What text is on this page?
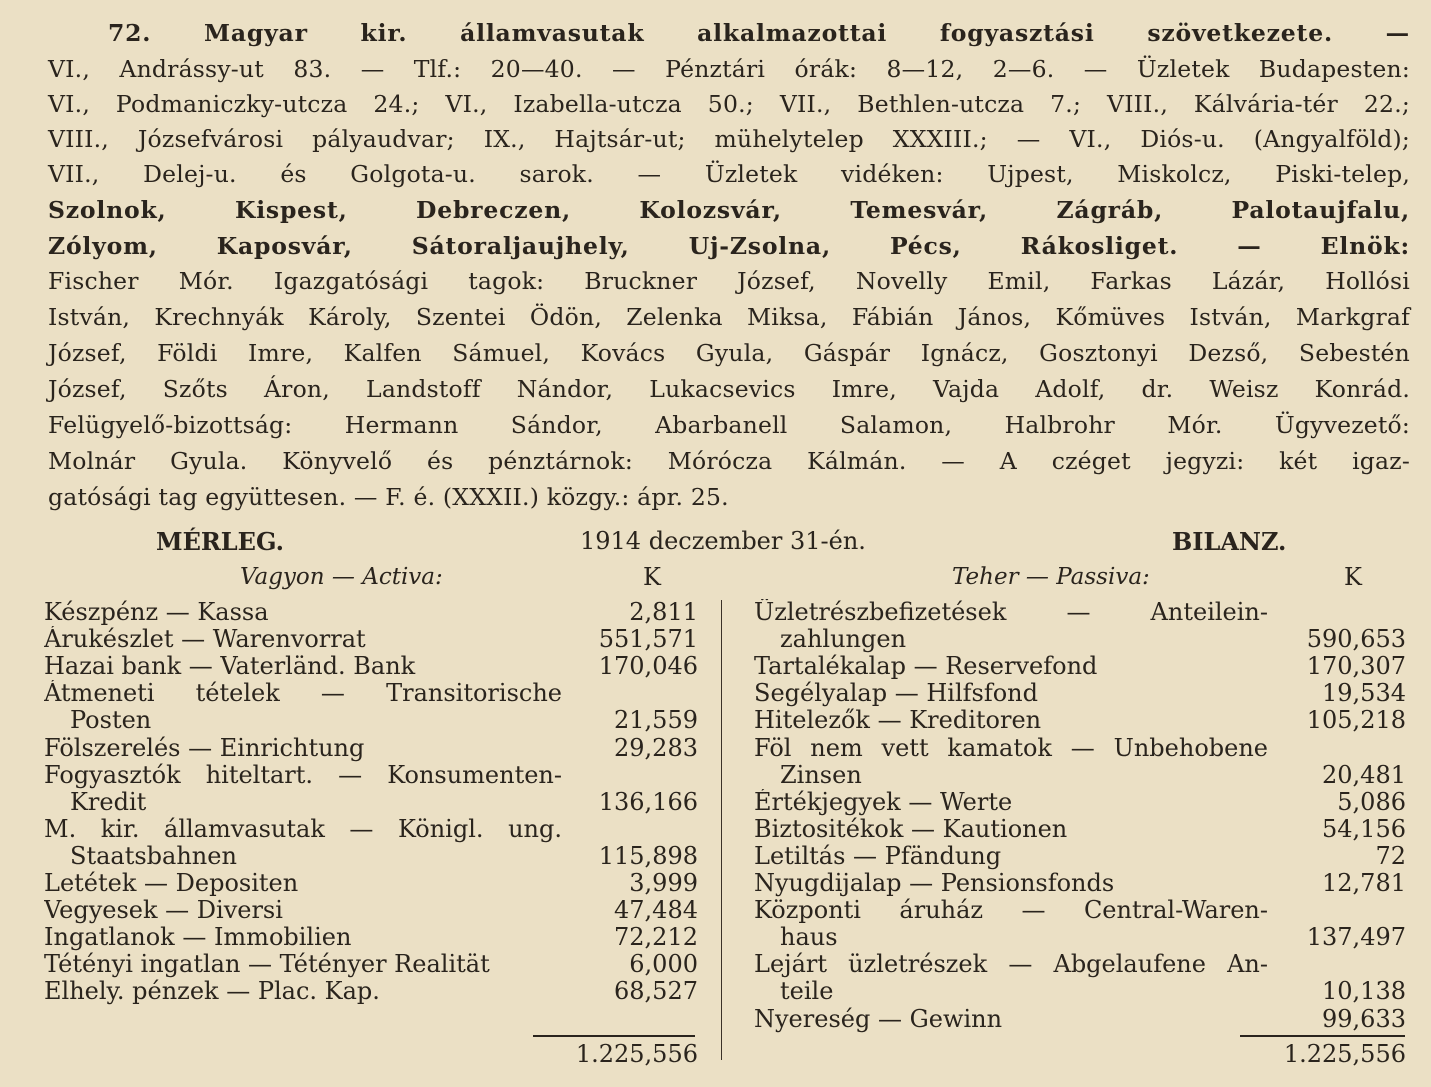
72. Magyar kir. államvasutak alkalmazottai fogyasztási szövetkezete. —
VI., Andrássy-ut 83. — Tlf.: 20—40. — Pénztári órák: 8—12, 2—6. — Üzletek Budapesten:
VI., Podmaniczky-utcza 24.; VI., Izabella-utcza 50.; VII., Bethlen-utcza 7.; VIII., Kálvária-tér 22.;
VIII., Józsefvárosi pályaudvar; IX., Hajtsár-ut; mühelytelep XXXIII.; — VI., Diós-u. (Angyalföld);
VII., Delej-u. és Golgota-u. sarok. — Üzletek vidéken: Ujpest, Miskolcz, Piski-telep,
Szolnok, Kispest, Debreczen, Kolozsvár, Temesvár, Zágráb, Palotaujfalu,
Zólyom, Kaposvár, Sátoraljaujhely, Uj-Zsolna, Pécs, Rákosliget. — Elnök:
Fischer Mór. Igazgatósági tagok: Bruckner József, Novelly Emil, Farkas Lázár, Hollósi
István, Krechnyák Károly, Szentei Ödön, Zelenka Miksa, Fábián János, Kőmüves István, Markgraf
József, Földi Imre, Kalfen Sámuel, Kovács Gyula, Gáspár Ignácz, Gosztonyi Dezső, Sebestén
József, Szőts Áron, Landstoff Nándor, Lukacsevics Imre, Vajda Adolf, dr. Weisz Konrád.
Felügyelő-bizottság: Hermann Sándor, Abarbanell Salamon, Halbrohr Mór. Ügyvezető:
Molnár Gyula. Könyvelő és pénztárnok: Mórócza Kálmán. — A czéget jegyzi: két igaz-
gatósági tag együttesen. — F. é. (XXXII.) közgy.: ápr. 25.
MÉRLEG.	1914 deczember 31-én.	BILANZ.
Vagyon — Activa:	K	Teher — Passiva:	K
Készpénz — Kassa	2,811
Árukészlet — Warenvorrat	551,571
Hazai bank — Vaterländ. Bank	170,046
Átmeneti tételek — Transitorische
Posten	21,559
Fölszerelés — Einrichtung	29,283
Fogyasztók hiteltart. — Konsumenten-
Kredit	136,166
M. kir. államvasutak — Königl. ung.
Staatsbahnen	115,898
Letétek — Depositen	3,999
Vegyesek — Diversi	47,484
Ingatlanok — Immobilien	72,212
Tétényi ingatlan — Tétényer Realität	6,000
Elhely. pénzek — Plac. Kap.	68,527
Üzletrészbefizetések — Anteilein-
zahlungen	590,653
Tartalékalap — Reservefond	170,307
Segélyalap — Hilfsfond	19,534
Hitelezők — Kreditoren	105,218
Föl nem vett kamatok — Unbehobene
Zinsen	20,481
Értékjegyek — Werte	5,086
Biztositékok — Kautionen	54,156
Letiltás — Pfändung	72
Nyugdijalap — Pensionsfonds	12,781
Központi áruház — Central-Waren-
haus	137,497
Lejárt üzletrészek — Abgelaufene An-
teile	10,138
Nyereség — Gewinn	99,633
1.225,556	1.225,556
